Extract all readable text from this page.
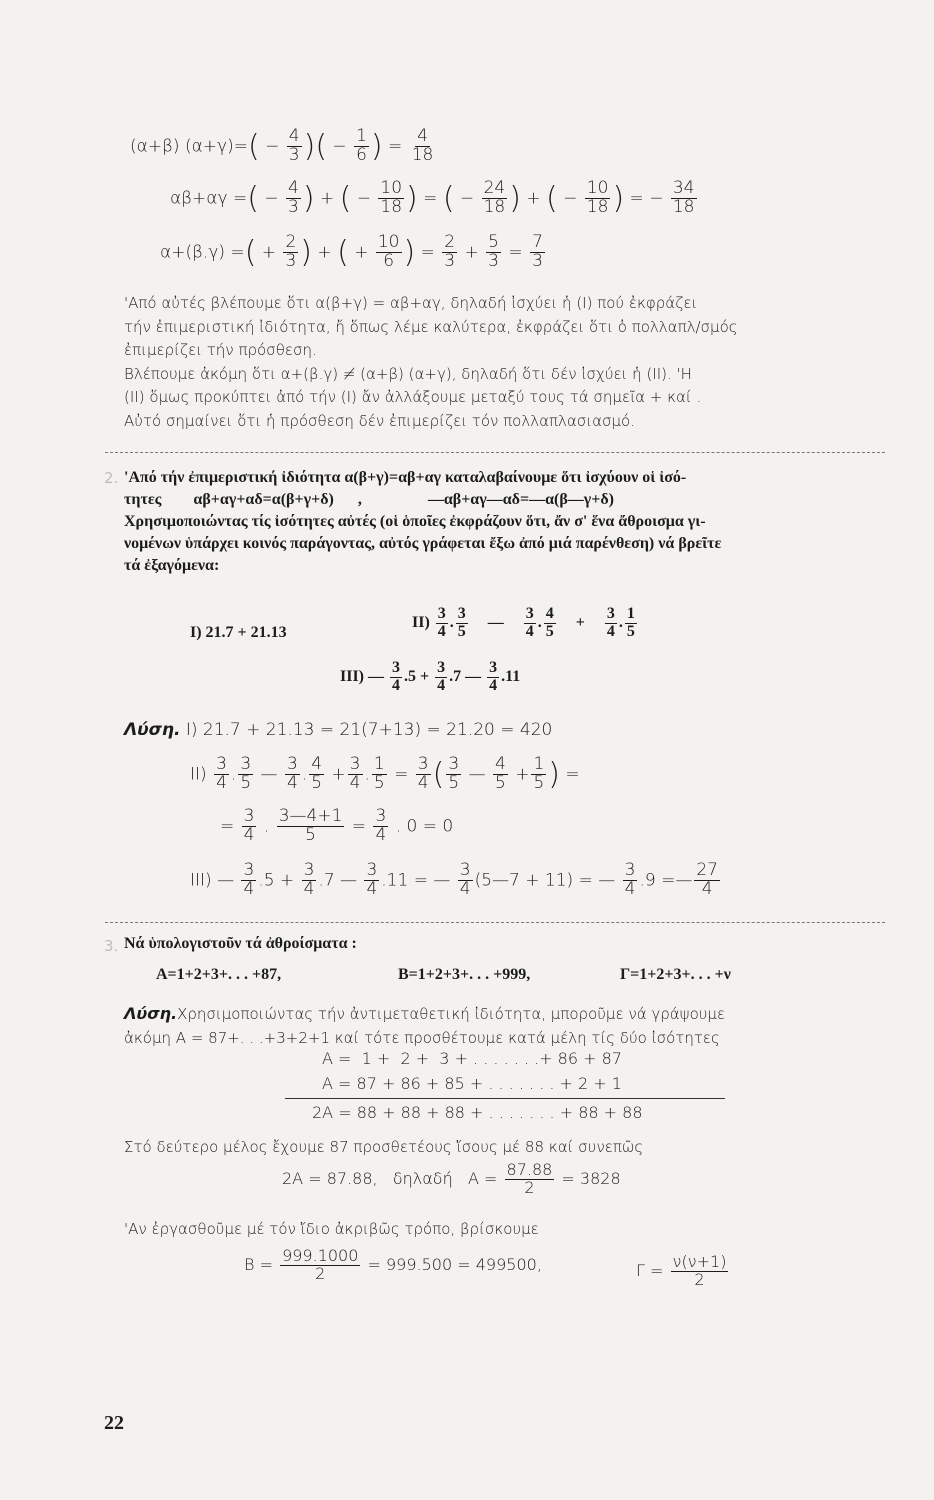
(α+β) $(\alpha+\gamma)=( - \frac{4}{3}$ )( − $\frac{1}{6}$ ) = $\frac{4}{18}$
αβ+αγ =( − $\frac{4}{3}$ ) + ( − $\frac{10}{18}$ ) = ( − $\frac{24}{18}$ ) + ( − $\frac{10}{18}$ ) = − $\frac{34}{18}$
α+(β.γ) =( + $\frac{2}{3}$ ) + ( + $\frac{10}{6}$ ) = $\frac{2}{3} + \frac{5}{3} = \frac{7}{3}$
'Από αὐτές βλέπουμε ὅτι α(β+γ) = αβ+αγ, δηλαδή ἰσχύει ἡ (Ι) πού ἐκφράζει
τήν ἐπιμεριστική ἰδιότητα, ἤ ὅπως λέμε καλύτερα, ἐκφράζει ὅτι ὁ πολλαπλ/σμός
ἐπιμερίζει τήν πρόσθεση.
Βλέπουμε ἀκόμη ὅτι α+(β.γ) ≠ (α+β) (α+γ), δηλαδή ὅτι δέν ἰσχύει ἡ (ΙΙ). 'Η
(ΙΙ) ὅμως προκύπτει ἀπό τήν (Ι) ἄν ἀλλάξουμε μεταξύ τους τά σημεῖα + καί .
Αὐτό σημαίνει ὅτι ἡ πρόσθεση δέν ἐπιμερίζει τόν πολλαπλασιασμό.
2. 'Από τήν ἐπιμεριστική ἰδιότητα α(β+γ)=αβ+αγ καταλαβαίνουμε ὅτι ἰσχύουν οἱ ἰσό-
τητες αβ+αγ+αδ=α(β+γ+δ) ,	—αβ+αγ—αδ=—α(β—γ+δ)
Χρησιμοποιώντας τίς ἰσότητες αὐτές (οἱ ὁποῖες ἐκφράζουν ὅτι, ἄν σ' ἕνα ἄθροισμα γι-
νομένων ὑπάρχει κοινός παράγοντας, αὐτός γράφεται ἔξω ἀπό μιά παρένθεση) νά βρεῖτε
τά ἐξαγόμενα:
Ι) 21.7 + 21.13
$II) \frac{3}{4}$ . $\frac{3}{5}$ — $\frac{3}{4}$ . $\frac{4}{5} + \frac{3}{4}$ . $\frac{1}{5}$
ΙΙΙ) — $\frac{3}{4} .5 + \frac{3}{4} .7$ — $\frac{3}{4} .11$
Λύση. Ι) 21.7 + 21.13 = 21(7+13) = 21.20 = 420
$II) \frac{3}{4}$ . $\frac{3}{5}$ — $\frac{3}{4}$ . $\frac{4}{5} + \frac{3}{4}$ . $\frac{1}{5} = \frac{3}{4}$ ( $\frac{3}{5}$ — $\frac{4}{5} + \frac{1}{5}$ ) =
= $\frac{3}{4}$ . $\frac{3—4+1}{5} = \frac{3}{4}$ . 0 = 0
ΙΙΙ) — $\frac{3}{4} .5 + \frac{3}{4} .7$ — $\frac{3}{4} .11$ = — $\frac{3}{4}$ (5—7 + 11) = — $\frac{3}{4} .9$ =— $\frac{27}{4}$
3. Νά ὑπολογιστοῦν τά ἀθροίσματα :
Α=1+2+3+. . . +87,	Β=1+2+3+. . . +999,	Γ=1+2+3+. . . +ν
Λύση.Χρησιμοποιώντας τήν ἀντιμεταθετική ἰδιότητα, μποροῦμε νά γράψουμε
ἀκόμη Α = 87+. . .+3+2+1 καί τότε προσθέτουμε κατά μέλη τίς δύο ἰσότητες
Α =  1 +  2 +  3 + . . . . . . .+ 86 + 87
Α = 87 + 86 + 85 + . . . . . . . + 2 + 1
2Α = 88 + 88 + 88 + . . . . . . . + 88 + 88
Στό δεύτερο μέλος ἔχουμε 87 προσθετέους ἴσους μέ 88 καί συνεπῶς
2Α = 87.88,   δηλαδή   $A = \frac{87.88}{2} = 3828$
'Αν ἐργασθοῦμε μέ τόν ἴδιο ἀκριβῶς τρόπο, βρίσκουμε
$B = \frac{999.1000}{2} = 999.500 = 499500$,	$\Gamma = \frac{\nu(\nu+1)}{2}$
22
